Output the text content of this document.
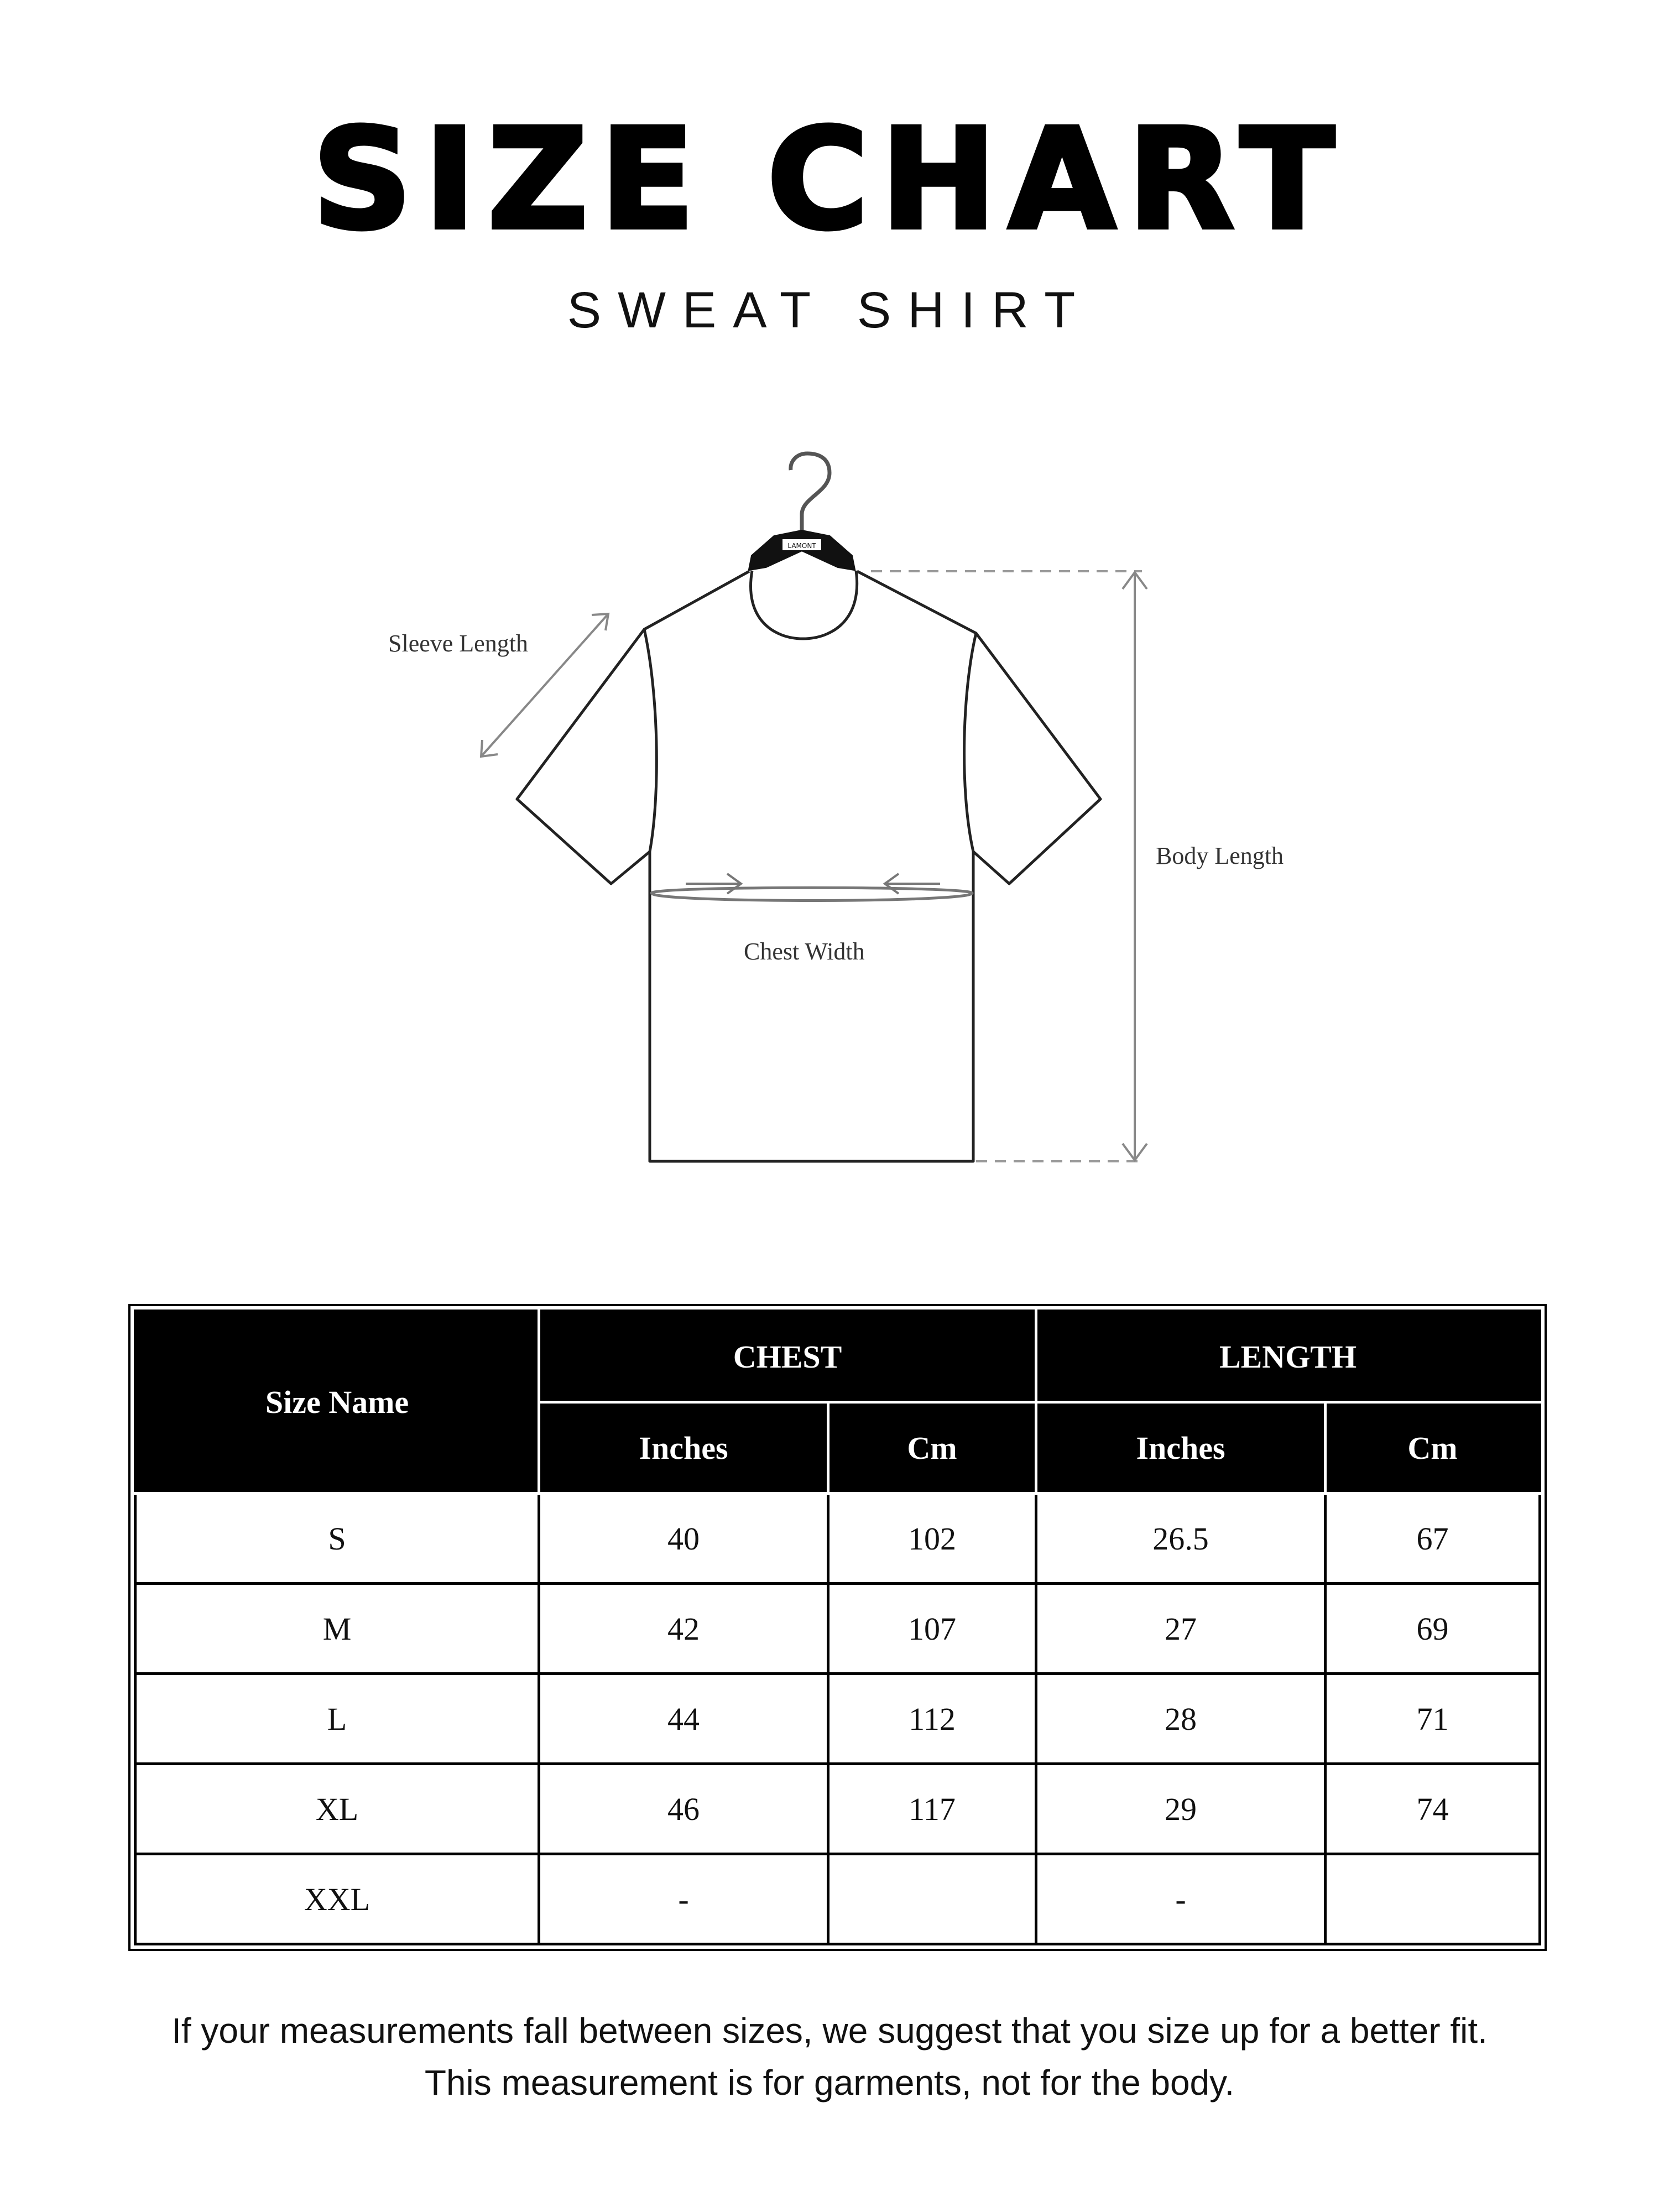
SIZE CHART
SWEAT SHIRT
LAMONT
Sleeve Length
Body Length
Chest Width
Size Name	CHEST		LENGTH	
	Inches	Cm	Inches	Cm
S	40	102	26.5	67
M	42	107	27	69
L	44	112	28	71
XL	46	117	29	74
XXL	-		-	
If your measurements fall between sizes, we suggest that you size up for a better fit.
This measurement is for garments, not for the body.
